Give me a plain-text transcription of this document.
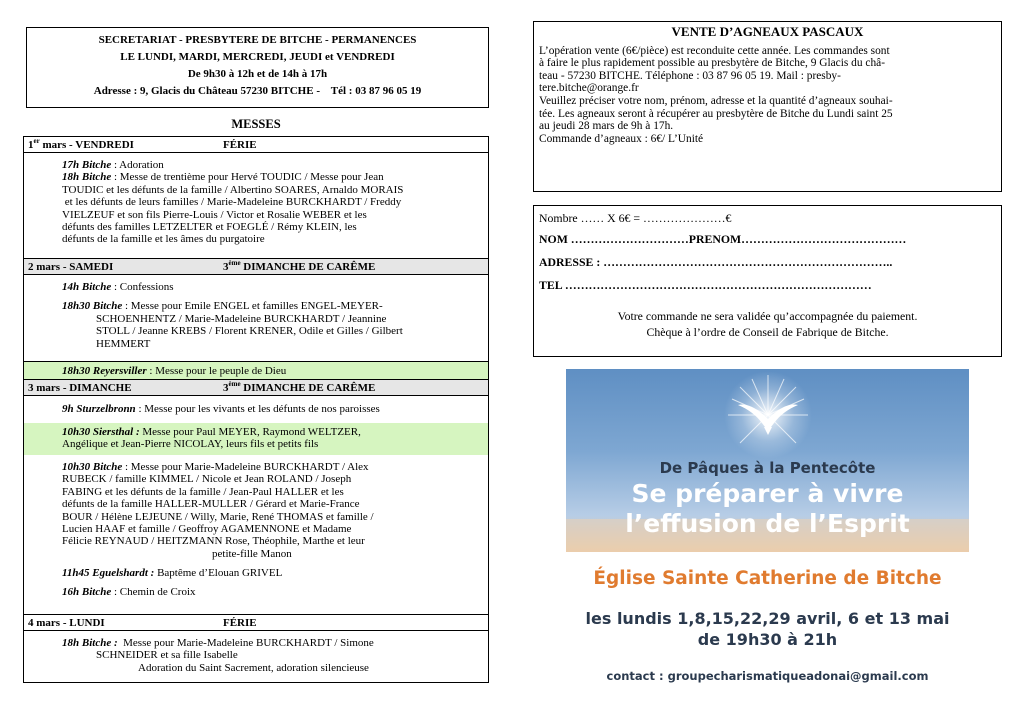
SECRETARIAT - PRESBYTERE DE BITCHE - PERMANENCES
LE LUNDI, MARDI, MERCREDI, JEUDI et VENDREDI
De 9h30 à 12h et de 14h à 17h
Adresse : 9, Glacis du Château 57230 BITCHE -    Tél : 03 87 96 05 19
MESSES
1er mars - VENDREDI	FÉRIE
17h Bitche : Adoration
18h Bitche : Messe de trentième pour Hervé TOUDIC / Messe pour Jean
TOUDIC et les défunts de la famille / Albertino SOARES, Arnaldo MORAIS
et les défunts de leurs familles / Marie-Madeleine BURCKHARDT / Freddy
VIELZEUF et son fils Pierre-Louis / Victor et Rosalie WEBER et les
défunts des familles LETZELTER et FOEGLÉ / Rémy KLEIN, les
défunts de la famille et les âmes du purgatoire
2 mars - SAMEDI	3ème DIMANCHE DE CARÊME
14h Bitche : Confessions
18h30 Bitche : Messe pour Emile ENGEL et familles ENGEL-MEYER-
SCHOENHENTZ / Marie-Madeleine BURCKHARDT / Jeannine
STOLL / Jeanne KREBS / Florent KRENER, Odile et Gilles / Gilbert
HEMMERT
18h30 Reyersviller : Messe pour le peuple de Dieu
3 mars - DIMANCHE	3ème DIMANCHE DE CARÊME
9h Sturzelbronn : Messe pour les vivants et les défunts de nos paroisses
10h30 Siersthal : Messe pour Paul MEYER, Raymond WELTZER,
Angélique et Jean-Pierre NICOLAY, leurs fils et petits fils
10h30 Bitche : Messe pour Marie-Madeleine BURCKHARDT / Alex
RUBECK / famille KIMMEL / Nicole et Jean ROLAND / Joseph
FABING et les défunts de la famille / Jean-Paul HALLER et les
défunts de la famille HALLER-MULLER / Gérard et Marie-France
BOUR / Hélène LEJEUNE / Willy, Marie, René THOMAS et famille /
Lucien HAAF et famille / Geoffroy AGAMENNONE et Madame
Félicie REYNAUD / HEITZMANN Rose, Théophile, Marthe et leur
petite-fille Manon
11h45 Eguelshardt : Baptême d’Elouan GRIVEL
16h Bitche : Chemin de Croix
4 mars - LUNDI	FÉRIE
18h Bitche :  Messe pour Marie-Madeleine BURCKHARDT / Simone
SCHNEIDER et sa fille Isabelle
Adoration du Saint Sacrement, adoration silencieuse
VENTE D’AGNEAUX PASCAUX
L’opération vente (6€/pièce) est reconduite cette année. Les commandes sont
à faire le plus rapidement possible au presbytère de Bitche, 9 Glacis du châ-
teau - 57230 BITCHE. Téléphone : 03 87 96 05 19. Mail : presby-
tere.bitche@orange.fr
Veuillez préciser votre nom, prénom, adresse et la quantité d’agneaux souhai-
tée. Les agneaux seront à récupérer au presbytère de Bitche du Lundi saint 25
au jeudi 28 mars de 9h à 17h.
Commande d’agneaux : 6€/ L’Unité
Nombre …… X 6€ = …………………€
NOM …………………………PRENOM……………………………………
ADRESSE : ………………………………………………………………..
TEL ……………………………………………………………………
Votre commande ne sera validée qu’accompagnée du paiement.
Chèque à l’ordre de Conseil de Fabrique de Bitche.
De Pâques à la Pentecôte
Se préparer à vivre
l’effusion de l’Esprit
Église Sainte Catherine de Bitche
les lundis 1,8,15,22,29 avril, 6 et 13 mai
de 19h30 à 21h
contact : groupecharismatiqueadonai@gmail.com
